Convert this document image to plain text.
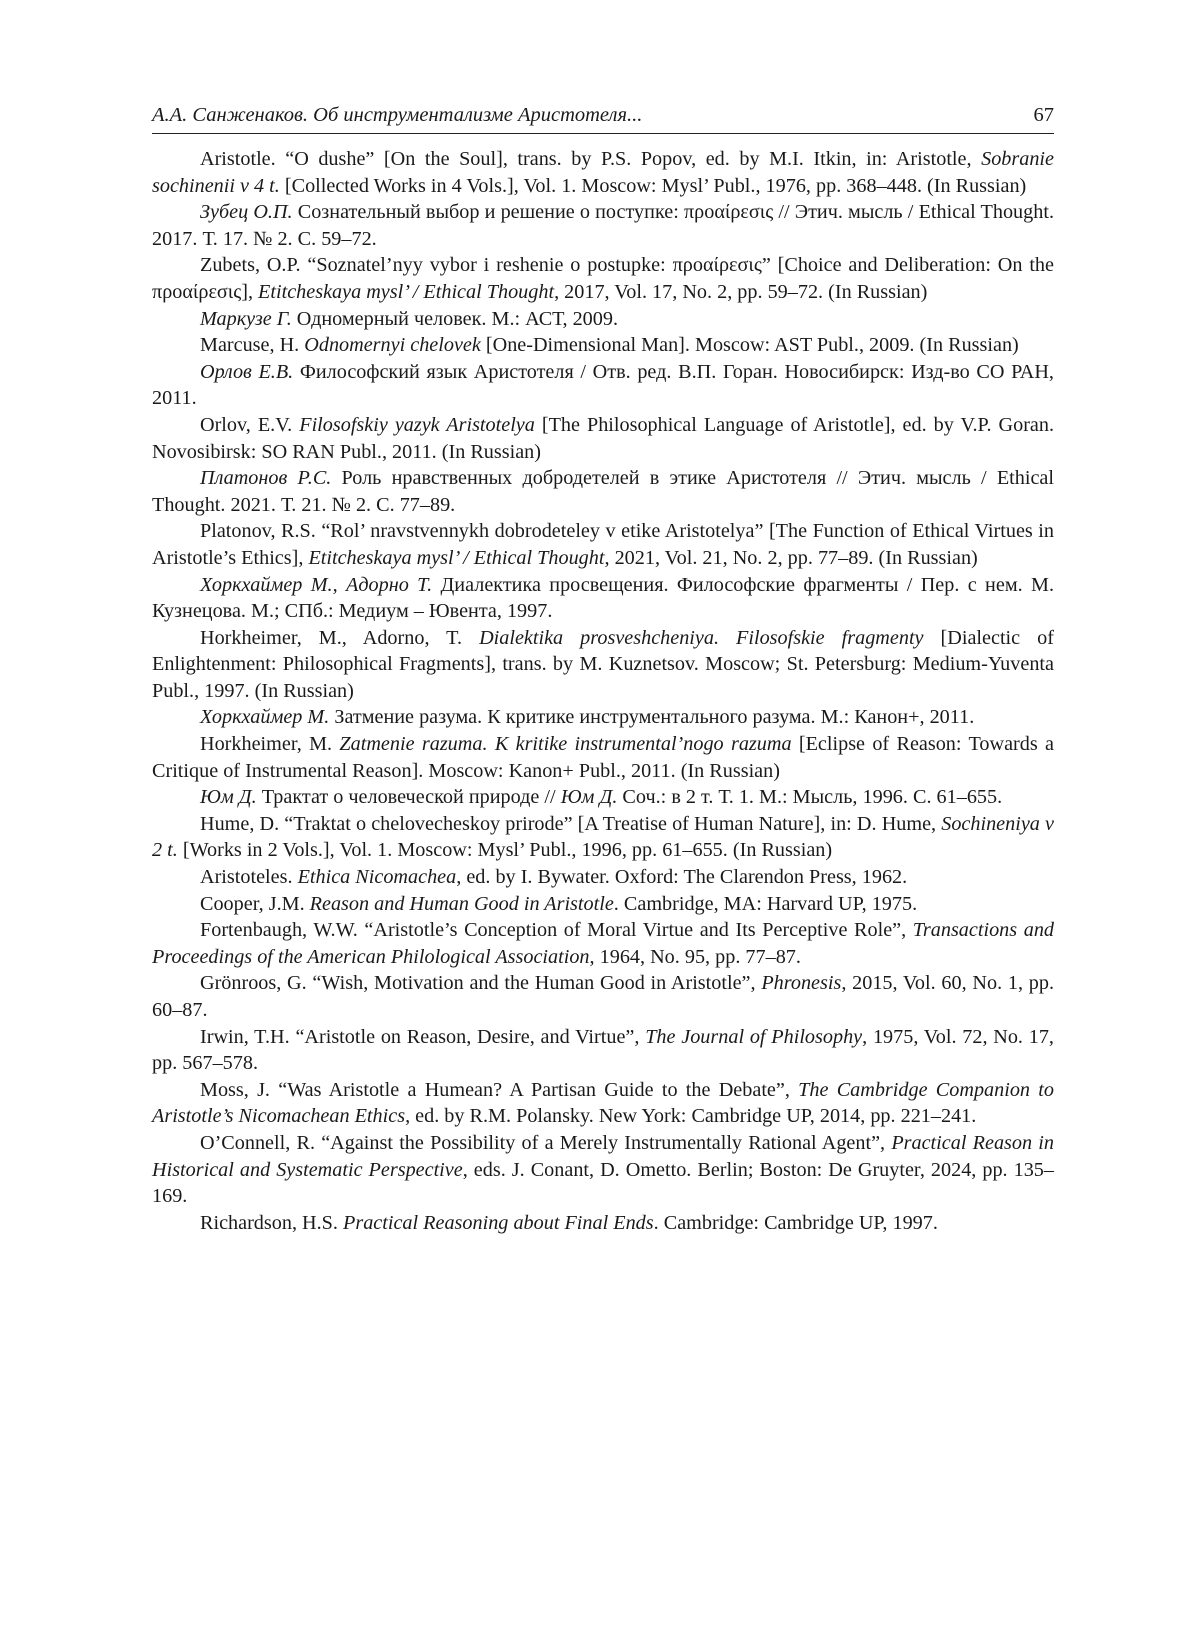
А.А. Санженаков. Об инструментализме Аристотеля...	67

Aristotle. “O dushe” [On the Soul], trans. by P.S. Popov, ed. by M.I. Itkin, in: Aristotle, Sobranie sochinenii v 4 t. [Collected Works in 4 Vols.], Vol. 1. Moscow: Mysl’ Publ., 1976, pp. 368–448. (In Russian)

Зубец О.П. Сознательный выбор и решение о поступке: προαίρεσις // Этич. мысль / Ethical Thought. 2017. Т. 17. № 2. С. 59–72.

Zubets, O.P. “Soznatel’nyy vybor i reshenie o postupke: προαίρεσις” [Choice and Deliberation: On the προαίρεσις], Etitcheskaya mysl’ / Ethical Thought, 2017, Vol. 17, No. 2, pp. 59–72. (In Russian)

Маркузе Г. Одномерный человек. М.: АСТ, 2009.

Marcuse, H. Odnomernyi chelovek [One-Dimensional Man]. Moscow: AST Publ., 2009. (In Russian)

Орлов Е.В. Философский язык Аристотеля / Отв. ред. В.П. Горан. Новосибирск: Изд-во СО РАН, 2011.

Orlov, E.V. Filosofskiy yazyk Aristotelya [The Philosophical Language of Aristotle], ed. by V.P. Goran. Novosibirsk: SO RAN Publ., 2011. (In Russian)

Платонов Р.С. Роль нравственных добродетелей в этике Аристотеля // Этич. мысль / Ethical Thought. 2021. Т. 21. № 2. С. 77–89.

Platonov, R.S. “Rol’ nravstvennykh dobrodeteley v etike Aristotelya” [The Function of Ethical Virtues in Aristotle’s Ethics], Etitcheskaya mysl’ / Ethical Thought, 2021, Vol. 21, No. 2, pp. 77–89. (In Russian)

Хоркхаймер М., Адорно Т. Диалектика просвещения. Философские фрагменты / Пер. с нем. М. Кузнецова. М.; СПб.: Медиум – Ювента, 1997.

Horkheimer, M., Adorno, T. Dialektika prosveshcheniya. Filosofskie fragmenty [Dialectic of Enlightenment: Philosophical Fragments], trans. by M. Kuznetsov. Moscow; St. Petersburg: Medium-Yuventa Publ., 1997. (In Russian)

Хоркхаймер М. Затмение разума. К критике инструментального разума. М.: Канон+, 2011.

Horkheimer, M. Zatmenie razuma. K kritike instrumental’nogo razuma [Eclipse of Reason: Towards a Critique of Instrumental Reason]. Moscow: Kanon+ Publ., 2011. (In Russian)

Юм Д. Трактат о человеческой природе // Юм Д. Соч.: в 2 т. Т. 1. М.: Мысль, 1996. С. 61–655.

Hume, D. “Traktat o chelovecheskoy prirode” [A Treatise of Human Nature], in: D. Hume, Sochineniya v 2 t. [Works in 2 Vols.], Vol. 1. Moscow: Mysl’ Publ., 1996, pp. 61–655. (In Russian)

Aristoteles. Ethica Nicomachea, ed. by I. Bywater. Oxford: The Clarendon Press, 1962.

Cooper, J.M. Reason and Human Good in Aristotle. Cambridge, MA: Harvard UP, 1975.

Fortenbaugh, W.W. “Aristotle’s Conception of Moral Virtue and Its Perceptive Role”, Transactions and Proceedings of the American Philological Association, 1964, No. 95, pp. 77–87.

Grönroos, G. “Wish, Motivation and the Human Good in Aristotle”, Phronesis, 2015, Vol. 60, No. 1, pp. 60–87.

Irwin, T.H. “Aristotle on Reason, Desire, and Virtue”, The Journal of Philosophy, 1975, Vol. 72, No. 17, pp. 567–578.

Moss, J. “Was Aristotle a Humean? A Partisan Guide to the Debate”, The Cambridge Companion to Aristotle’s Nicomachean Ethics, ed. by R.M. Polansky. New York: Cambridge UP, 2014, pp. 221–241.

O’Connell, R. “Against the Possibility of a Merely Instrumentally Rational Agent”, Practical Reason in Historical and Systematic Perspective, eds. J. Conant, D. Ometto. Berlin; Boston: De Gruyter, 2024, pp. 135–169.

Richardson, H.S. Practical Reasoning about Final Ends. Cambridge: Cambridge UP, 1997.
